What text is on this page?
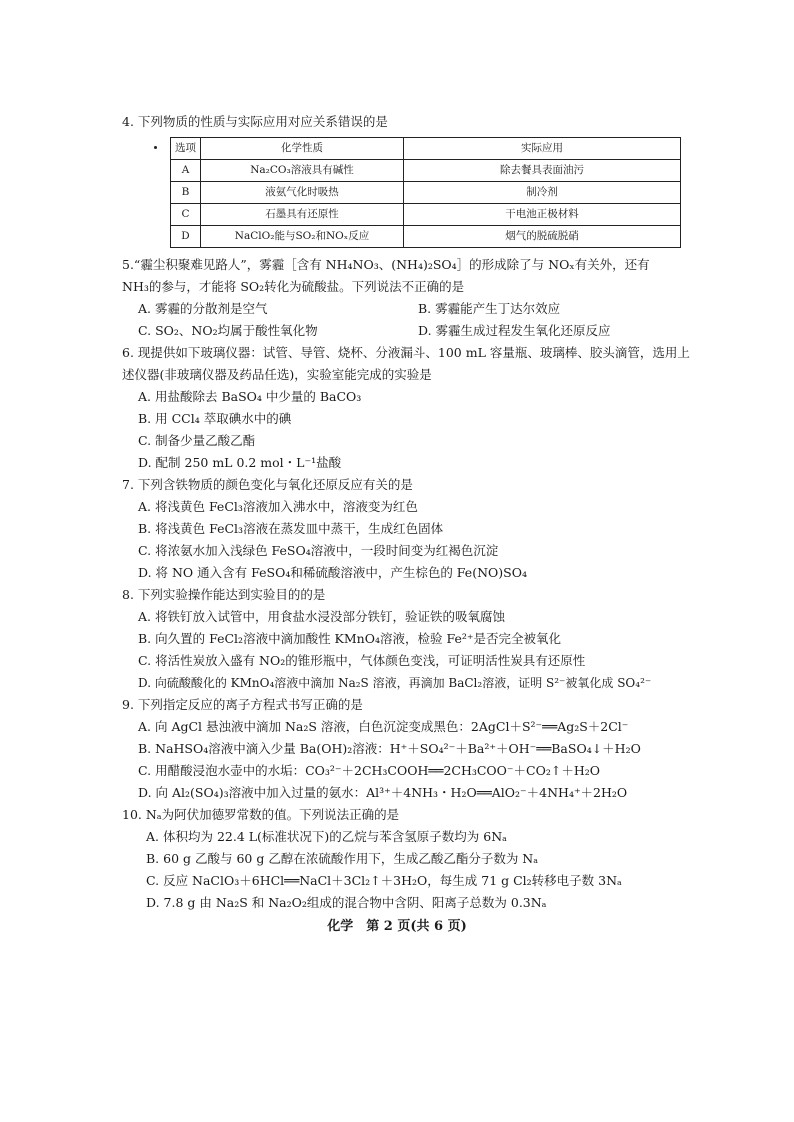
4. 下列物质的性质与实际应用对应关系错误的是
选项	化学性质	实际应用
A	Na₂CO₃溶液具有碱性	除去餐具表面油污
B	液氨气化时吸热	制冷剂
C	石墨具有还原性	干电池正极材料
D	NaClO₂能与SO₂和NOₓ反应	烟气的脱硫脱硝
5.“霾尘积聚难见路人”，雾霾［含有 NH₄NO₃、(NH₄)₂SO₄］的形成除了与 NOₓ有关外，还有
NH₃的参与，才能将 SO₂转化为硫酸盐。下列说法不正确的是
A. 雾霾的分散剂是空气	B. 雾霾能产生丁达尔效应
C. SO₂、NO₂均属于酸性氧化物	D. 雾霾生成过程发生氧化还原反应
6. 现提供如下玻璃仪器：试管、导管、烧杯、分液漏斗、100 mL 容量瓶、玻璃棒、胶头滴管，选用上
述仪器(非玻璃仪器及药品任选)，实验室能完成的实验是
A. 用盐酸除去 BaSO₄ 中少量的 BaCO₃
B. 用 CCl₄ 萃取碘水中的碘
C. 制备少量乙酸乙酯
D. 配制 250 mL 0.2 mol・L⁻¹盐酸
7. 下列含铁物质的颜色变化与氧化还原反应有关的是
A. 将浅黄色 FeCl₃溶液加入沸水中，溶液变为红色
B. 将浅黄色 FeCl₃溶液在蒸发皿中蒸干，生成红色固体
C. 将浓氨水加入浅绿色 FeSO₄溶液中，一段时间变为红褐色沉淀
D. 将 NO 通入含有 FeSO₄和稀硫酸溶液中，产生棕色的 Fe(NO)SO₄
8. 下列实验操作能达到实验目的的是
A. 将铁钉放入试管中，用食盐水浸没部分铁钉，验证铁的吸氧腐蚀
B. 向久置的 FeCl₂溶液中滴加酸性 KMnO₄溶液，检验 Fe²⁺是否完全被氧化
C. 将活性炭放入盛有 NO₂的锥形瓶中，气体颜色变浅，可证明活性炭具有还原性
D. 向硫酸酸化的 KMnO₄溶液中滴加 Na₂S 溶液，再滴加 BaCl₂溶液，证明 S²⁻被氧化成 SO₄²⁻
9. 下列指定反应的离子方程式书写正确的是
A. 向 AgCl 悬浊液中滴加 Na₂S 溶液，白色沉淀变成黑色：2AgCl＋S²⁻══Ag₂S＋2Cl⁻
B. NaHSO₄溶液中滴入少量 Ba(OH)₂溶液：H⁺＋SO₄²⁻＋Ba²⁺＋OH⁻══BaSO₄↓＋H₂O
C. 用醋酸浸泡水壶中的水垢：CO₃²⁻＋2CH₃COOH══2CH₃COO⁻＋CO₂↑＋H₂O
D. 向 Al₂(SO₄)₃溶液中加入过量的氨水：Al³⁺＋4NH₃・H₂O══AlO₂⁻＋4NH₄⁺＋2H₂O
10. Nₐ为阿伏加德罗常数的值。下列说法正确的是
A. 体积均为 22.4 L(标准状况下)的乙烷与苯含氢原子数均为 6Nₐ
B. 60 g 乙酸与 60 g 乙醇在浓硫酸作用下，生成乙酸乙酯分子数为 Nₐ
C. 反应 NaClO₃＋6HCl══NaCl＋3Cl₂↑＋3H₂O，每生成 71 g Cl₂转移电子数 3Nₐ
D. 7.8 g 由 Na₂S 和 Na₂O₂组成的混合物中含阴、阳离子总数为 0.3Nₐ
化学　第 2 页(共 6 页)
